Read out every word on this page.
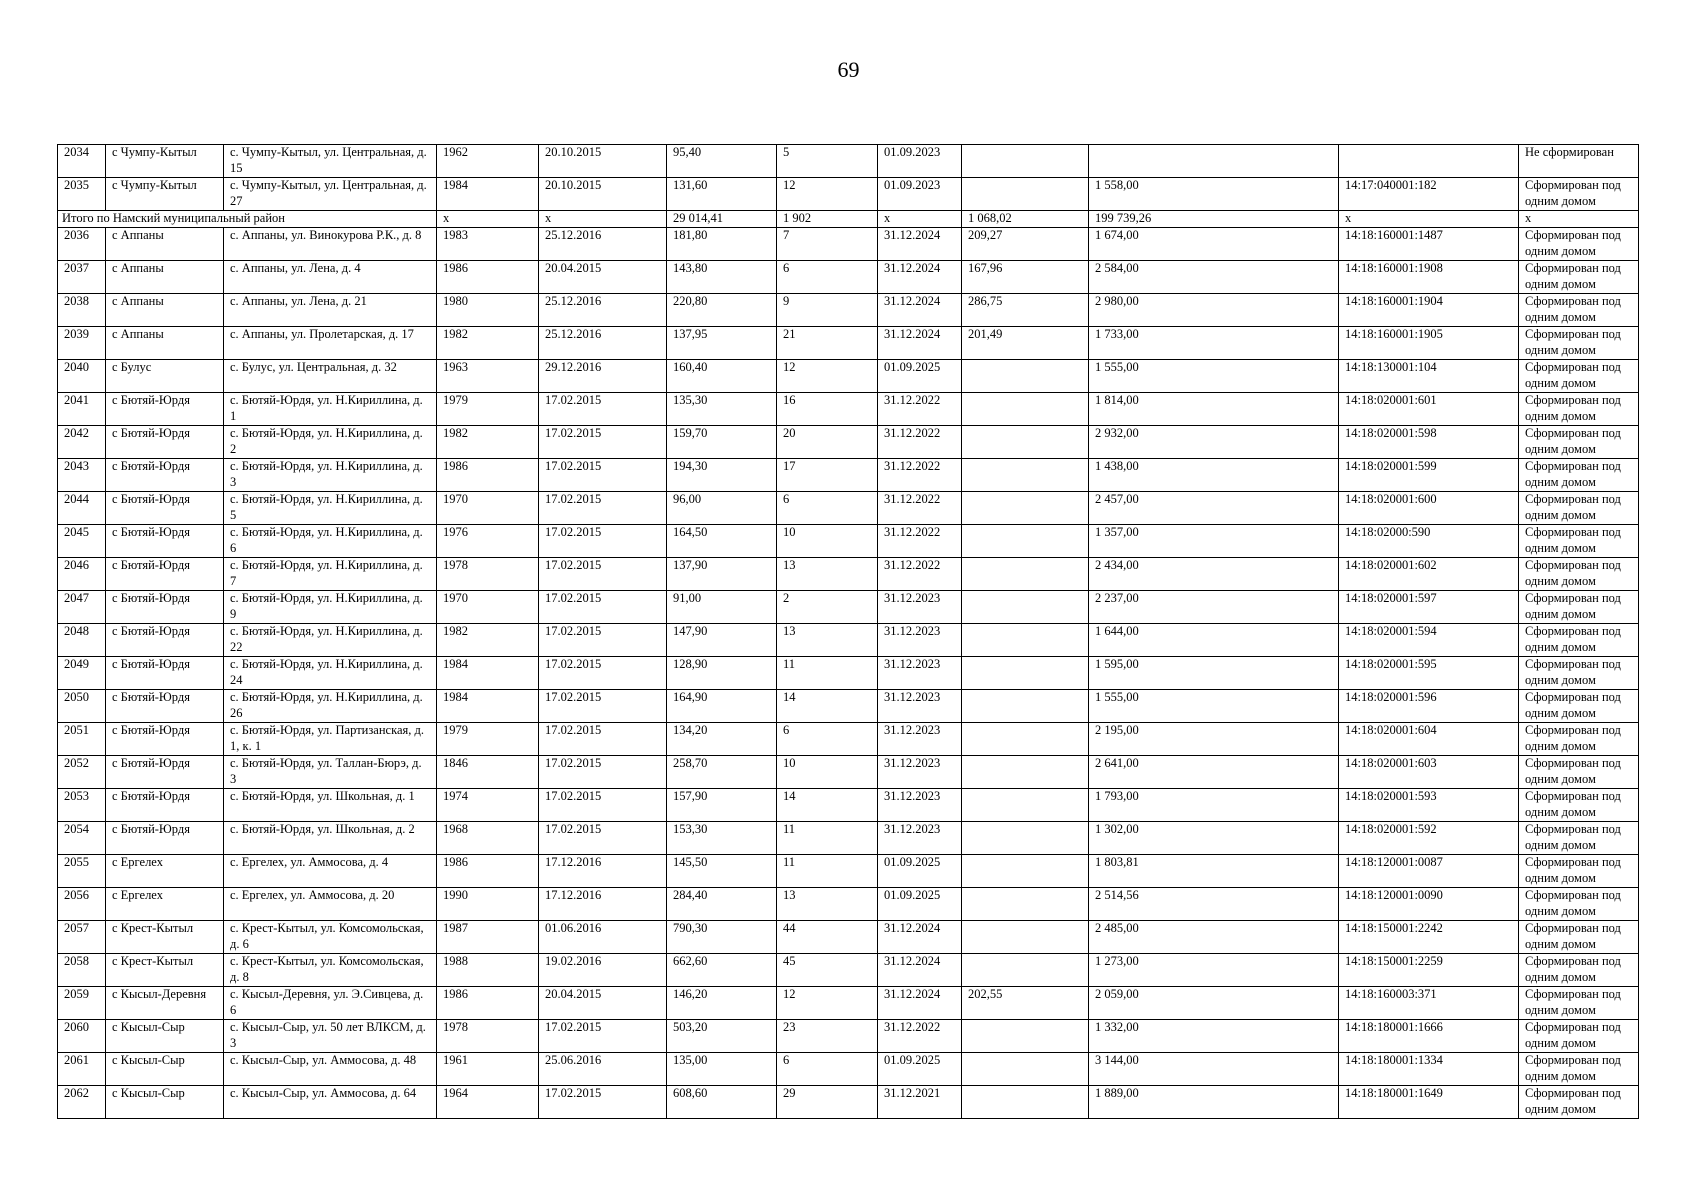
69
2034	с Чумпу-Кытыл	с. Чумпу-Кытыл, ул. Центральная, д. 15	1962	20.10.2015	95,40	5	01.09.2023				Не сформирован
2035	с Чумпу-Кытыл	с. Чумпу-Кытыл, ул. Центральная, д. 27	1984	20.10.2015	131,60	12	01.09.2023		1 558,00	14:17:040001:182	Сформирован под одним домом
Итого по Намский муниципальный район			х	х	29 014,41	1 902	х	1 068,02	199 739,26	х	х
2036	с Аппаны	с. Аппаны, ул. Винокурова Р.К., д. 8	1983	25.12.2016	181,80	7	31.12.2024	209,27	1 674,00	14:18:160001:1487	Сформирован под одним домом
2037	с Аппаны	с. Аппаны, ул. Лена, д. 4	1986	20.04.2015	143,80	6	31.12.2024	167,96	2 584,00	14:18:160001:1908	Сформирован под одним домом
2038	с Аппаны	с. Аппаны, ул. Лена, д. 21	1980	25.12.2016	220,80	9	31.12.2024	286,75	2 980,00	14:18:160001:1904	Сформирован под одним домом
2039	с Аппаны	с. Аппаны, ул. Пролетарская, д. 17	1982	25.12.2016	137,95	21	31.12.2024	201,49	1 733,00	14:18:160001:1905	Сформирован под одним домом
2040	с Булус	с. Булус, ул. Центральная, д. 32	1963	29.12.2016	160,40	12	01.09.2025		1 555,00	14:18:130001:104	Сформирован под одним домом
2041	с Бютяй-Юрдя	с. Бютяй-Юрдя, ул. Н.Кириллина, д. 1	1979	17.02.2015	135,30	16	31.12.2022		1 814,00	14:18:020001:601	Сформирован под одним домом
2042	с Бютяй-Юрдя	с. Бютяй-Юрдя, ул. Н.Кириллина, д. 2	1982	17.02.2015	159,70	20	31.12.2022		2 932,00	14:18:020001:598	Сформирован под одним домом
2043	с Бютяй-Юрдя	с. Бютяй-Юрдя, ул. Н.Кириллина, д. 3	1986	17.02.2015	194,30	17	31.12.2022		1 438,00	14:18:020001:599	Сформирован под одним домом
2044	с Бютяй-Юрдя	с. Бютяй-Юрдя, ул. Н.Кириллина, д. 5	1970	17.02.2015	96,00	6	31.12.2022		2 457,00	14:18:020001:600	Сформирован под одним домом
2045	с Бютяй-Юрдя	с. Бютяй-Юрдя, ул. Н.Кириллина, д. 6	1976	17.02.2015	164,50	10	31.12.2022		1 357,00	14:18:02000:590	Сформирован под одним домом
2046	с Бютяй-Юрдя	с. Бютяй-Юрдя, ул. Н.Кириллина, д. 7	1978	17.02.2015	137,90	13	31.12.2022		2 434,00	14:18:020001:602	Сформирован под одним домом
2047	с Бютяй-Юрдя	с. Бютяй-Юрдя, ул. Н.Кириллина, д. 9	1970	17.02.2015	91,00	2	31.12.2023		2 237,00	14:18:020001:597	Сформирован под одним домом
2048	с Бютяй-Юрдя	с. Бютяй-Юрдя, ул. Н.Кириллина, д. 22	1982	17.02.2015	147,90	13	31.12.2023		1 644,00	14:18:020001:594	Сформирован под одним домом
2049	с Бютяй-Юрдя	с. Бютяй-Юрдя, ул. Н.Кириллина, д. 24	1984	17.02.2015	128,90	11	31.12.2023		1 595,00	14:18:020001:595	Сформирован под одним домом
2050	с Бютяй-Юрдя	с. Бютяй-Юрдя, ул. Н.Кириллина, д. 26	1984	17.02.2015	164,90	14	31.12.2023		1 555,00	14:18:020001:596	Сформирован под одним домом
2051	с Бютяй-Юрдя	с. Бютяй-Юрдя, ул. Партизанская, д. 1, к. 1	1979	17.02.2015	134,20	6	31.12.2023		2 195,00	14:18:020001:604	Сформирован под одним домом
2052	с Бютяй-Юрдя	с. Бютяй-Юрдя, ул. Таллан-Бюрэ, д. 3	1846	17.02.2015	258,70	10	31.12.2023		2 641,00	14:18:020001:603	Сформирован под одним домом
2053	с Бютяй-Юрдя	с. Бютяй-Юрдя, ул. Школьная, д. 1	1974	17.02.2015	157,90	14	31.12.2023		1 793,00	14:18:020001:593	Сформирован под одним домом
2054	с Бютяй-Юрдя	с. Бютяй-Юрдя, ул. Школьная, д. 2	1968	17.02.2015	153,30	11	31.12.2023		1 302,00	14:18:020001:592	Сформирован под одним домом
2055	с Ергелех	с. Ергелех, ул. Аммосова, д. 4	1986	17.12.2016	145,50	11	01.09.2025		1 803,81	14:18:120001:0087	Сформирован под одним домом
2056	с Ергелех	с. Ергелех, ул. Аммосова, д. 20	1990	17.12.2016	284,40	13	01.09.2025		2 514,56	14:18:120001:0090	Сформирован под одним домом
2057	с Крест-Кытыл	с. Крест-Кытыл, ул. Комсомольская, д. 6	1987	01.06.2016	790,30	44	31.12.2024		2 485,00	14:18:150001:2242	Сформирован под одним домом
2058	с Крест-Кытыл	с. Крест-Кытыл, ул. Комсомольская, д. 8	1988	19.02.2016	662,60	45	31.12.2024		1 273,00	14:18:150001:2259	Сформирован под одним домом
2059	с Кысыл-Деревня	с. Кысыл-Деревня, ул. Э.Сивцева, д. 6	1986	20.04.2015	146,20	12	31.12.2024	202,55	2 059,00	14:18:160003:371	Сформирован под одним домом
2060	с Кысыл-Сыр	с. Кысыл-Сыр, ул. 50 лет ВЛКСМ, д. 3	1978	17.02.2015	503,20	23	31.12.2022		1 332,00	14:18:180001:1666	Сформирован под одним домом
2061	с Кысыл-Сыр	с. Кысыл-Сыр, ул. Аммосова, д. 48	1961	25.06.2016	135,00	6	01.09.2025		3 144,00	14:18:180001:1334	Сформирован под одним домом
2062	с Кысыл-Сыр	с. Кысыл-Сыр, ул. Аммосова, д. 64	1964	17.02.2015	608,60	29	31.12.2021		1 889,00	14:18:180001:1649	Сформирован под одним домом
